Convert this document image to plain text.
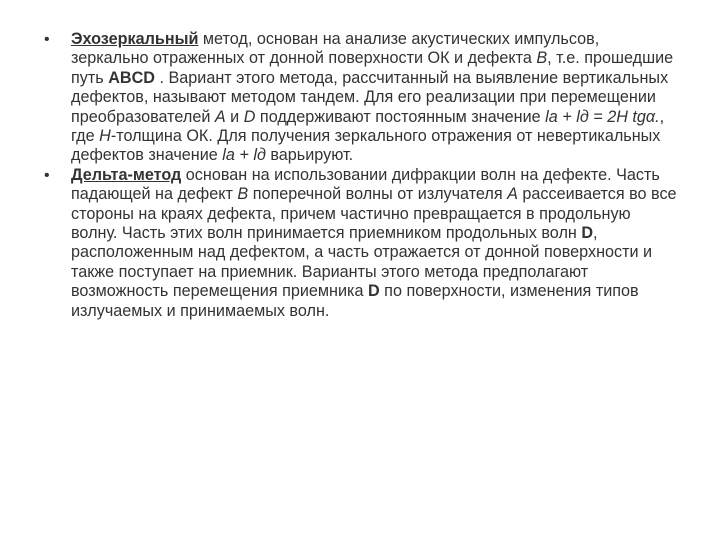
• Эхозеркальный метод, основан на анализе акустических импульсов, зеркально отраженных от донной поверхности ОК и дефекта В, т.е. прошедшие путь ABCD . Вариант этого метода, рассчитанный на выявление вертикальных дефектов, называют методом тандем. Для его реализации при перемещении преобразователей А и D поддерживают постоянным значение lа + lд = 2Н tgα., где Н-толщина ОК. Для получения зеркального отражения от невертикальных дефектов значение lа + lд варьируют.
• Дельта-метод основан на использовании дифракции волн на дефекте. Часть падающей на дефект В поперечной волны от излучателя А рассеивается во все стороны на краях дефекта, причем частично превращается в продольную волну. Часть этих волн принимается приемником продольных волн D, расположенным над дефектом, а часть отражается от донной поверхности и также поступает на приемник. Варианты этого метода предполагают возможность перемещения приемника D по поверхности, изменения типов излучаемых и принимаемых волн.
